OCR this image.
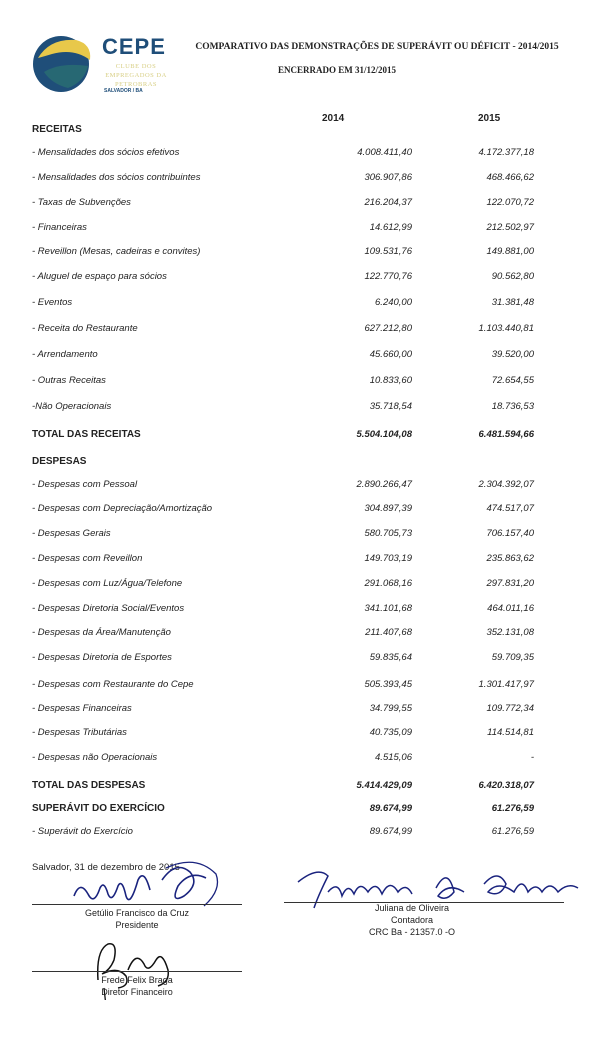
CEPE
CLUBE DOS EMPREGADOS DA PETROBRAS
SALVADOR / BA
COMPARATIVO DAS DEMONSTRAÇÕES DE SUPERÁVIT OU DÉFICIT - 2014/2015
ENCERRADO EM 31/12/2015
2014	2015
RECEITAS
- Mensalidades dos sócios efetivos	4.008.411,40	4.172.377,18
- Mensalidades dos sócios contribuintes	306.907,86	468.466,62
- Taxas de Subvenções	216.204,37	122.070,72
- Financeiras	14.612,99	212.502,97
- Reveillon (Mesas, cadeiras e convites)	109.531,76	149.881,00
- Aluguel de espaço para sócios	122.770,76	90.562,80
- Eventos	6.240,00	31.381,48
- Receita do Restaurante	627.212,80	1.103.440,81
- Arrendamento	45.660,00	39.520,00
- Outras Receitas	10.833,60	72.654,55
-Não Operacionais	35.718,54	18.736,53
TOTAL DAS RECEITAS	5.504.104,08	6.481.594,66
DESPESAS
- Despesas com Pessoal	2.890.266,47	2.304.392,07
- Despesas com Depreciação/Amortização	304.897,39	474.517,07
- Despesas Gerais	580.705,73	706.157,40
- Despesas com Reveillon	149.703,19	235.863,62
- Despesas com Luz/Água/Telefone	291.068,16	297.831,20
- Despesas Diretoria Social/Eventos	341.101,68	464.011,16
- Despesas da Área/Manutenção	211.407,68	352.131,08
- Despesas Diretoria de Esportes	59.835,64	59.709,35
- Despesas com Restaurante do Cepe	505.393,45	1.301.417,97
- Despesas Financeiras	34.799,55	109.772,34
- Despesas Tributárias	40.735,09	114.514,81
- Despesas não Operacionais	4.515,06	-
TOTAL DAS DESPESAS	5.414.429,09	6.420.318,07
SUPERÁVIT DO EXERCÍCIO	89.674,99	61.276,59
- Superávit do Exercício	89.674,99	61.276,59
Salvador, 31 de dezembro de 2015
Getúlio Francisco da Cruz
Presidente
Frede Felix Braga
Diretor Financeiro
Juliana de Oliveira
Contadora
CRC Ba - 21357.0 -O
